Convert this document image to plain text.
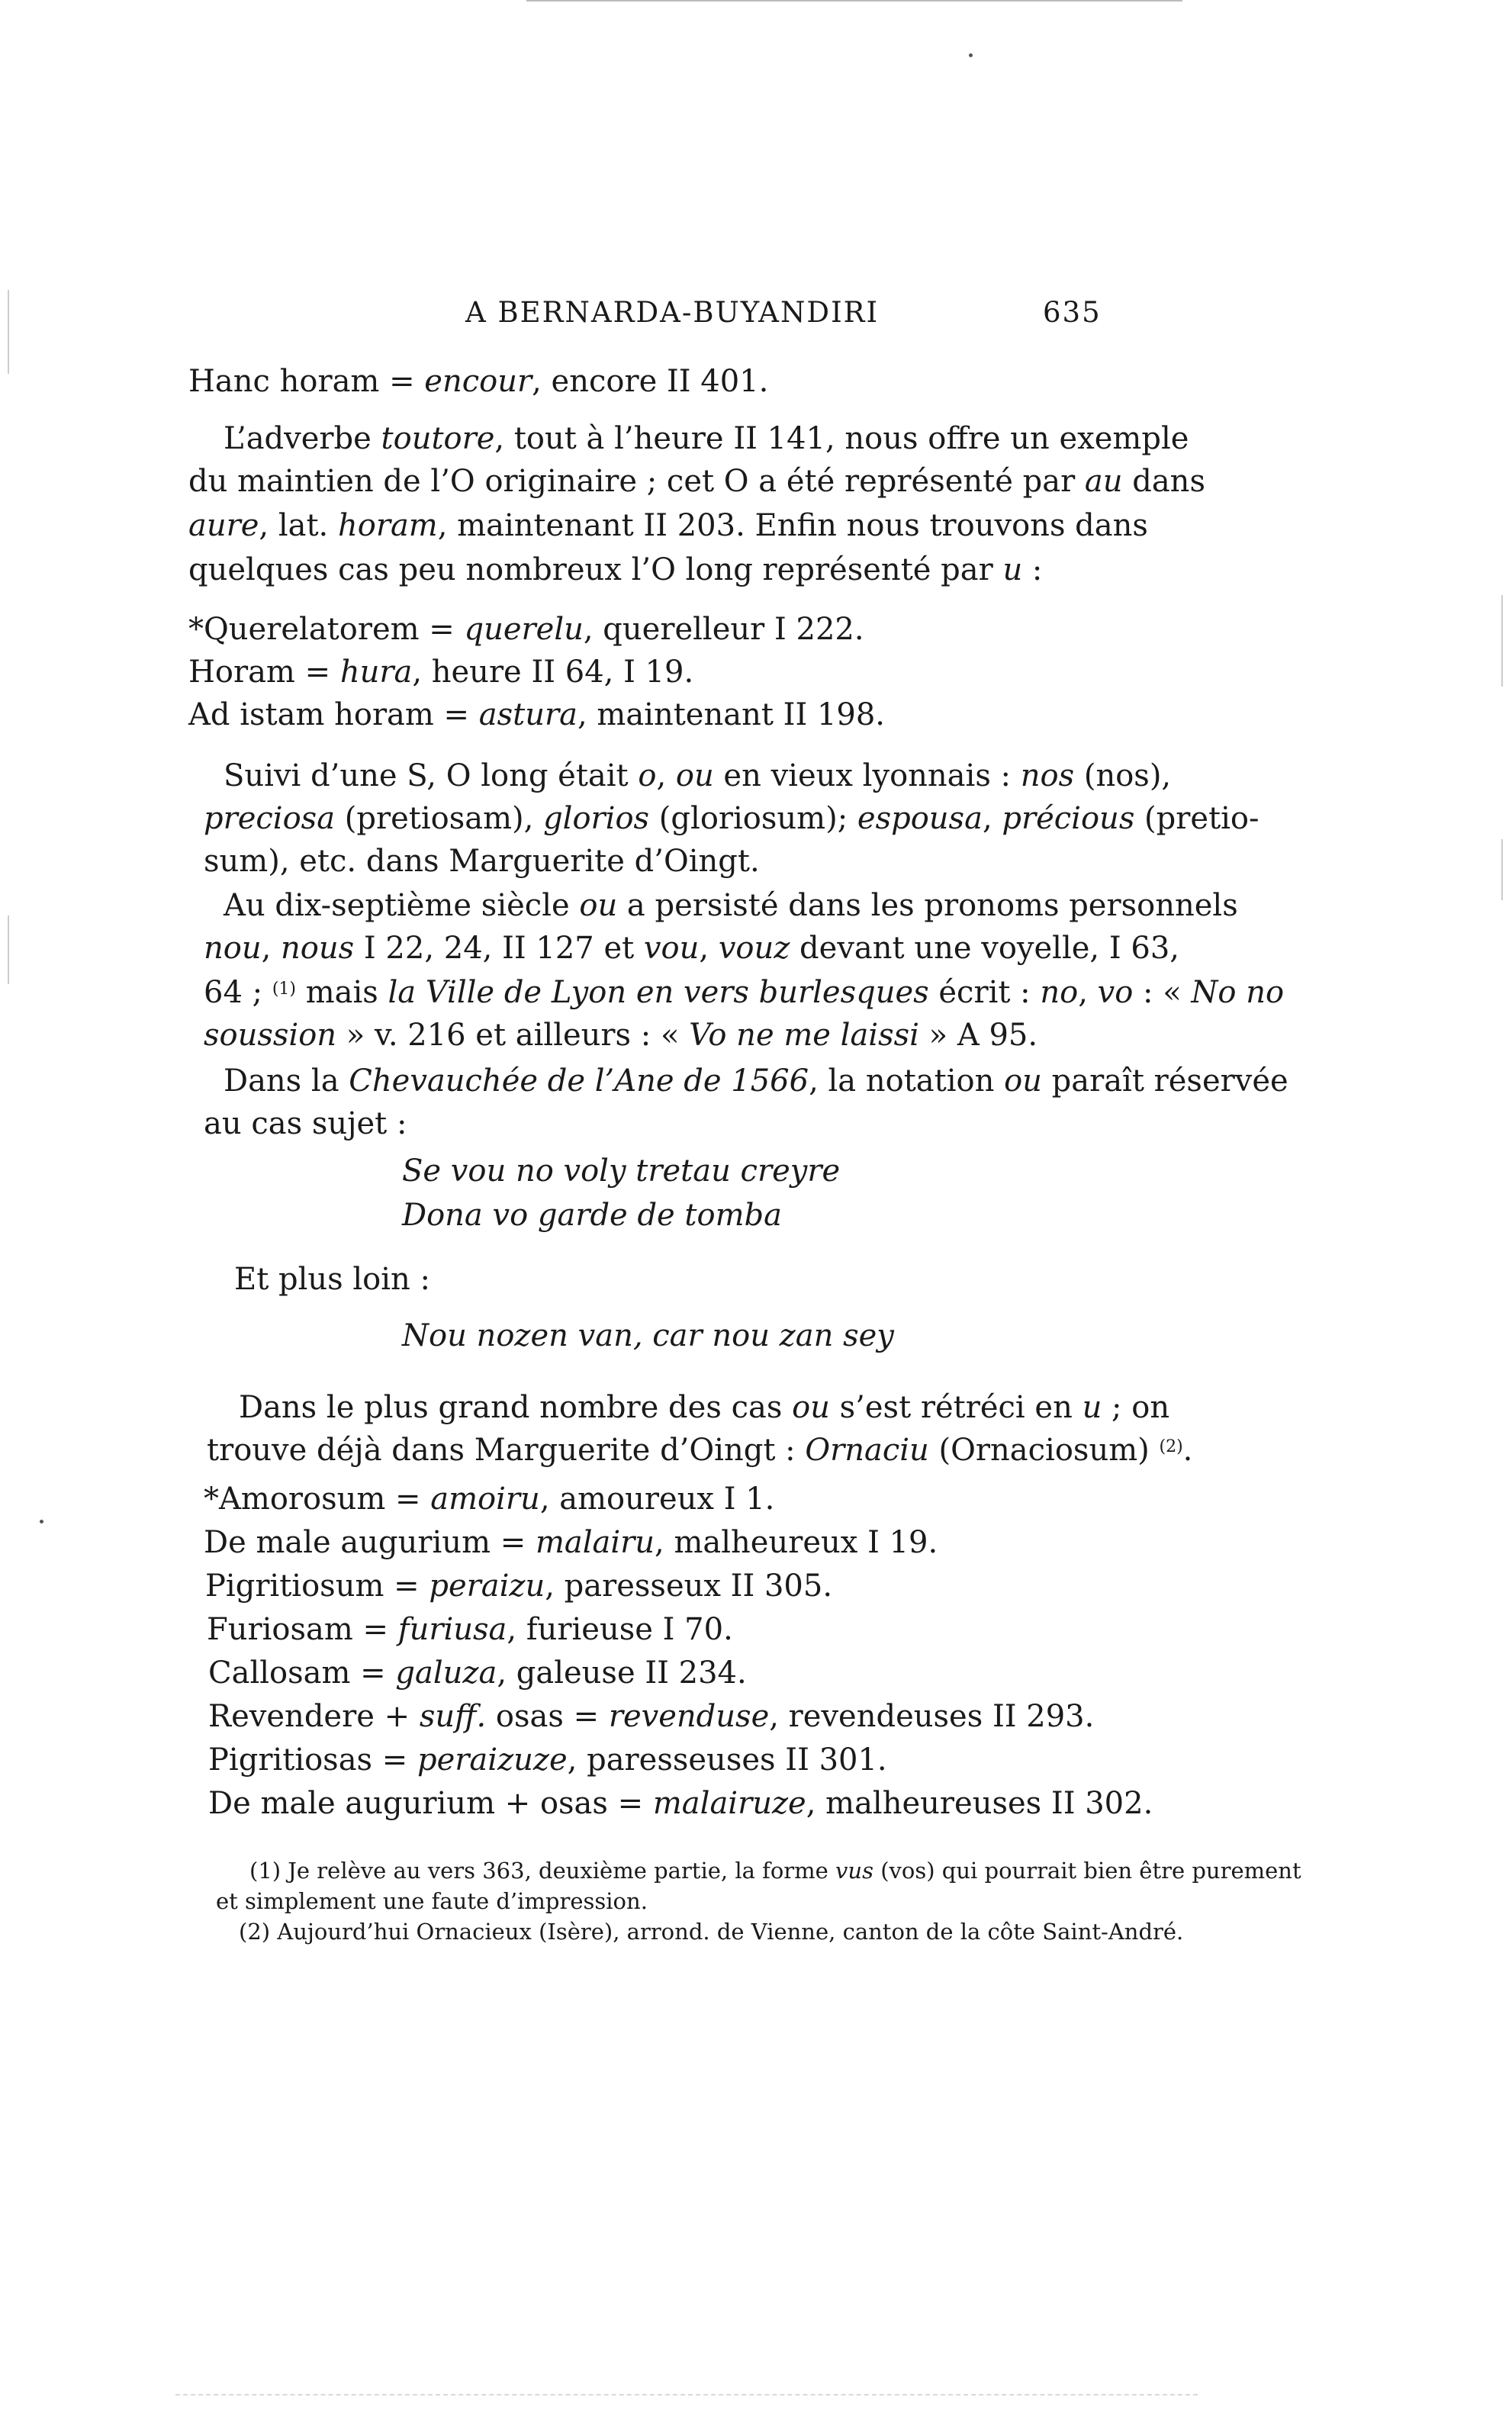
A BERNARDA-BUYANDIRI	635
Hanc horam = encour, encore II 401.
L’adverbe toutore, tout à l’heure II 141, nous offre un exemple
du maintien de l’O originaire ; cet O a été représenté par au dans
aure, lat. horam, maintenant II 203. Enfin nous trouvons dans
quelques cas peu nombreux l’O long représenté par u :
*Querelatorem = querelu, querelleur I 222.
Horam = hura, heure II 64, I 19.
Ad istam horam = astura, maintenant II 198.
Suivi d’une S, O long était o, ou en vieux lyonnais : nos (nos),
preciosa (pretiosam), glorios (gloriosum); espousa, précious (pretio-
sum), etc. dans Marguerite d’Oingt.
Au dix-septième siècle ou a persisté dans les pronoms personnels
nou, nous I 22, 24, II 127 et vou, vouz devant une voyelle, I 63,
64 ; $^{(1)}$ mais la Ville de Lyon en vers burlesques écrit : no, vo : « No no
soussion » v. 216 et ailleurs : « Vo ne me laissi » A 95.
Dans la Chevauchée de l’Ane de 1566, la notation ou paraît réservée
au cas sujet :
Se vou no voly tretau creyre
Dona vo garde de tomba
Et plus loin :
Nou nozen van, car nou zan sey
Dans le plus grand nombre des cas ou s’est rétréci en u ; on
trouve déjà dans Marguerite d’Oingt : Ornaciu (Ornaciosum) $^{(2)}$.
*Amorosum = amoiru, amoureux I 1.
De male augurium = malairu, malheureux I 19.
Pigritiosum = peraizu, paresseux II 305.
Furiosam = furiusa, furieuse I 70.
Callosam = galuza, galeuse II 234.
Revendere + suff. osas = revenduse, revendeuses II 293.
Pigritiosas = peraizuze, paresseuses II 301.
De male augurium + osas = malairuze, malheureuses II 302.
(1) Je relève au vers 363, deuxième partie, la forme vus (vos) qui pourrait bien être purement
et simplement une faute d’impression.
(2) Aujourd’hui Ornacieux (Isère), arrond. de Vienne, canton de la côte Saint-André.
